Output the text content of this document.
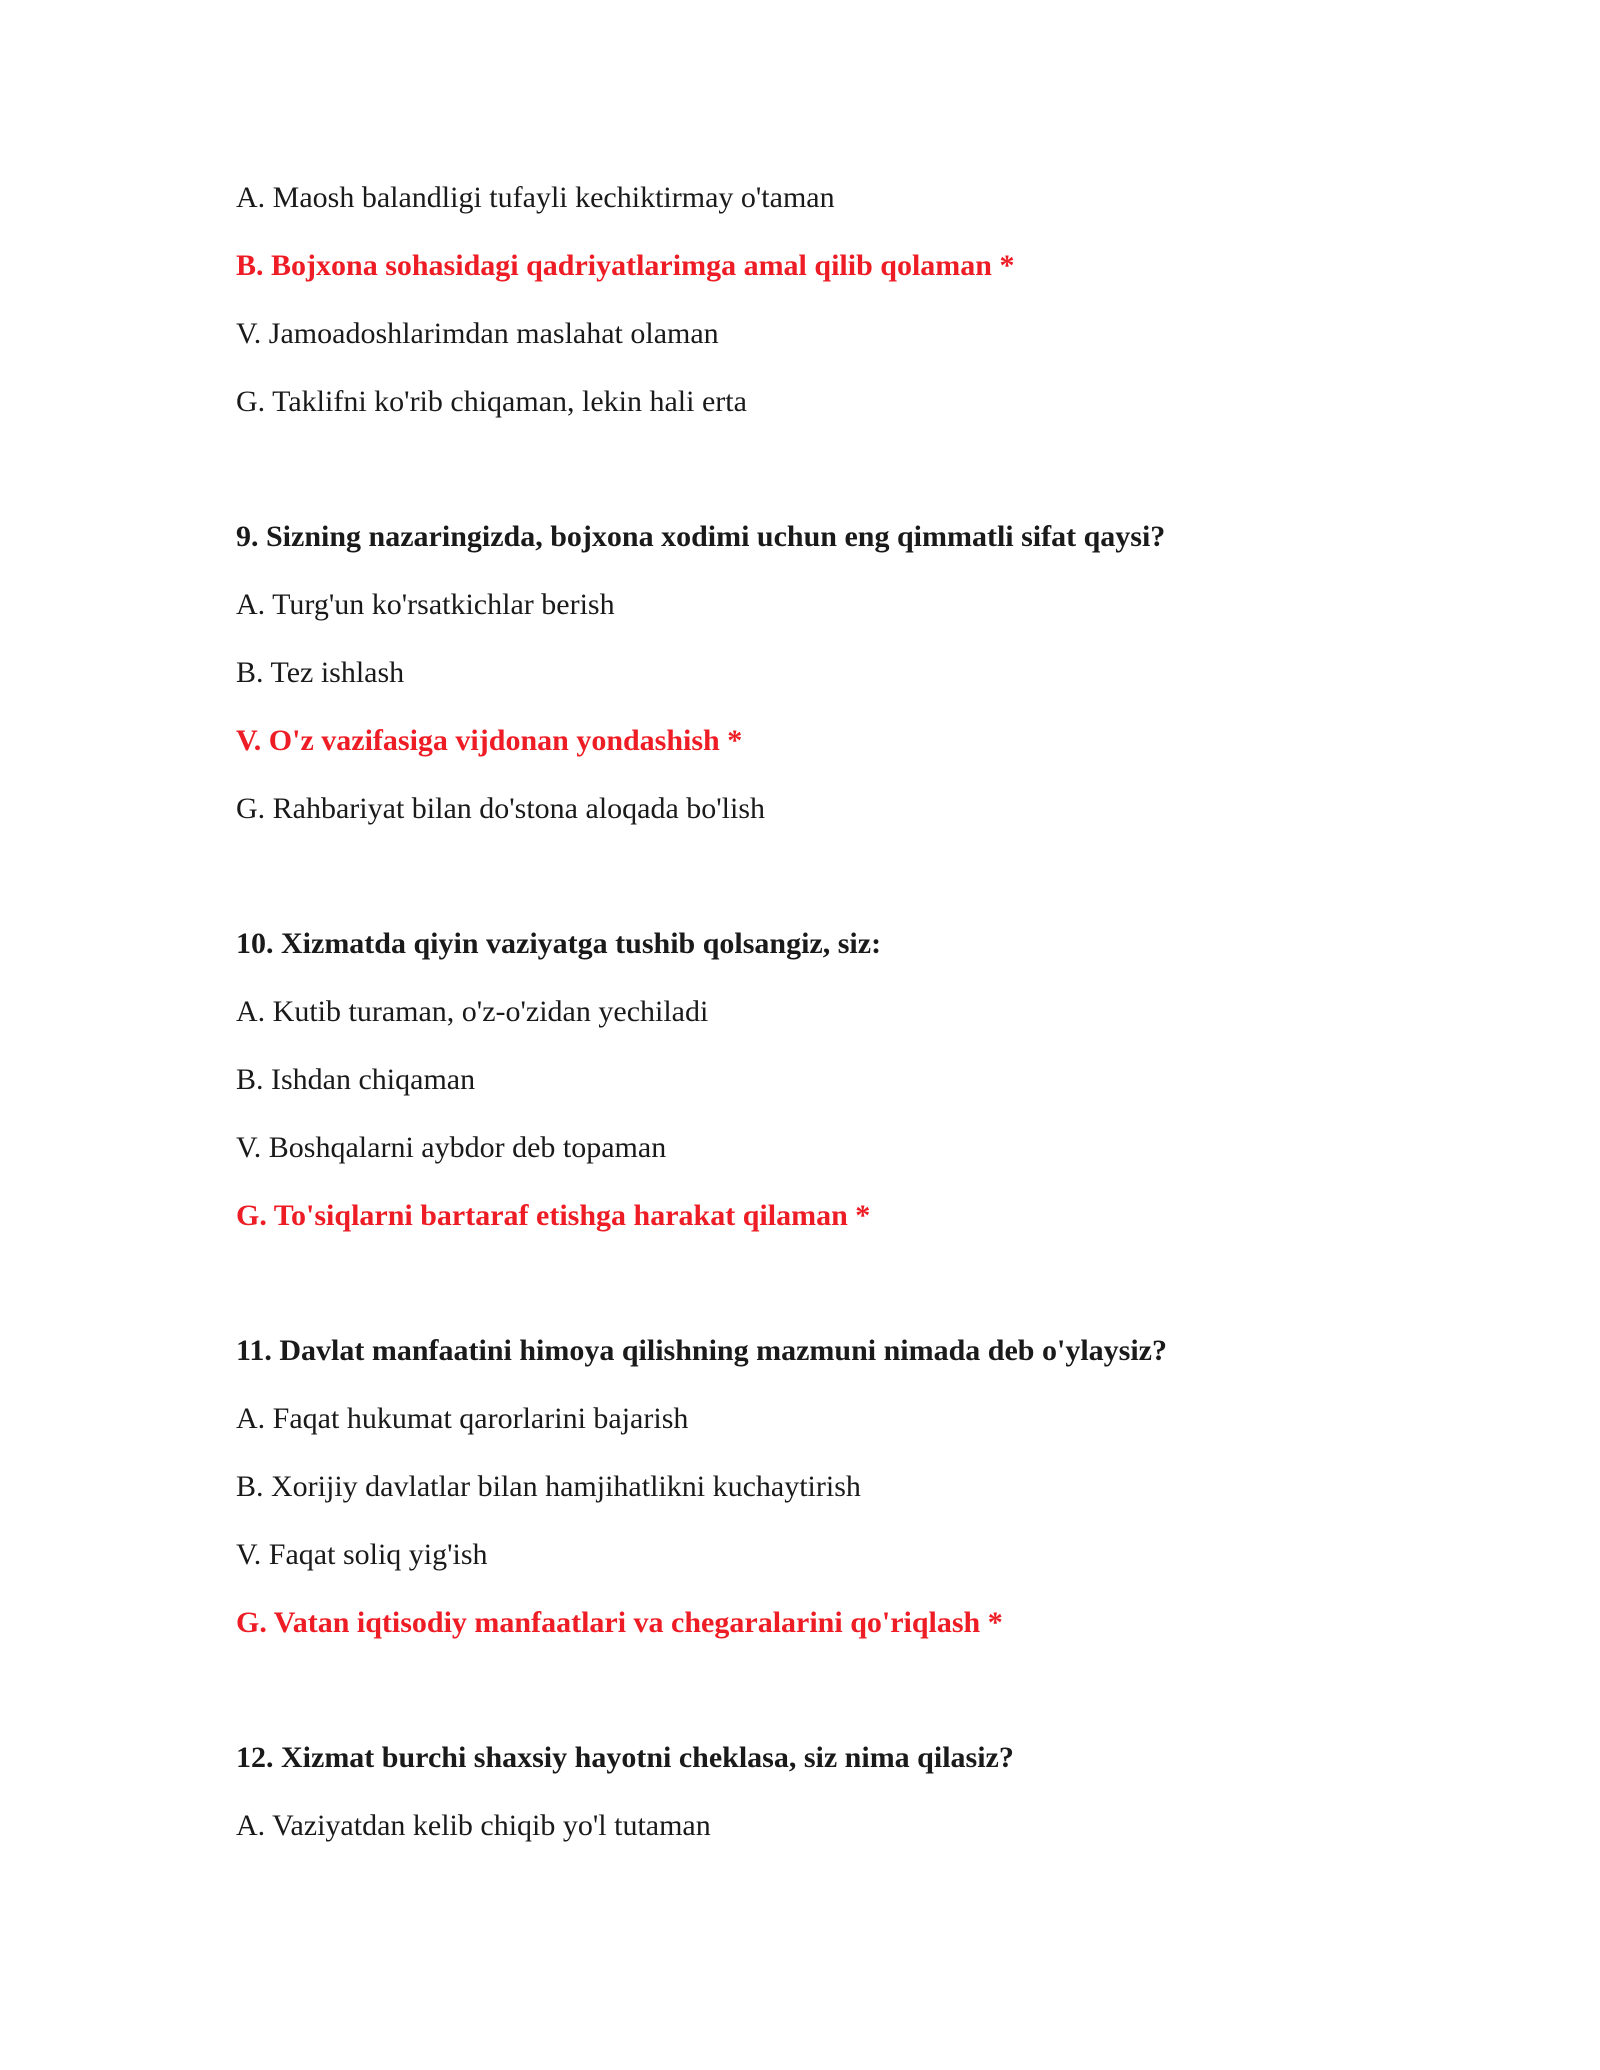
A. Maosh balandligi tufayli kechiktirmay o'taman
B. Bojxona sohasidagi qadriyatlarimga amal qilib qolaman *
V. Jamoadoshlarimdan maslahat olaman
G. Taklifni ko'rib chiqaman, lekin hali erta
9. Sizning nazaringizda, bojxona xodimi uchun eng qimmatli sifat qaysi?
A. Turg'un ko'rsatkichlar berish
B. Tez ishlash
V. O'z vazifasiga vijdonan yondashish *
G. Rahbariyat bilan do'stona aloqada bo'lish
10. Xizmatda qiyin vaziyatga tushib qolsangiz, siz:
A. Kutib turaman, o'z-o'zidan yechiladi
B. Ishdan chiqaman
V. Boshqalarni aybdor deb topaman
G. To'siqlarni bartaraf etishga harakat qilaman *
11. Davlat manfaatini himoya qilishning mazmuni nimada deb o'ylaysiz?
A. Faqat hukumat qarorlarini bajarish
B. Xorijiy davlatlar bilan hamjihatlikni kuchaytirish
V. Faqat soliq yig'ish
G. Vatan iqtisodiy manfaatlari va chegaralarini qo'riqlash *
12. Xizmat burchi shaxsiy hayotni cheklasa, siz nima qilasiz?
A. Vaziyatdan kelib chiqib yo'l tutaman
